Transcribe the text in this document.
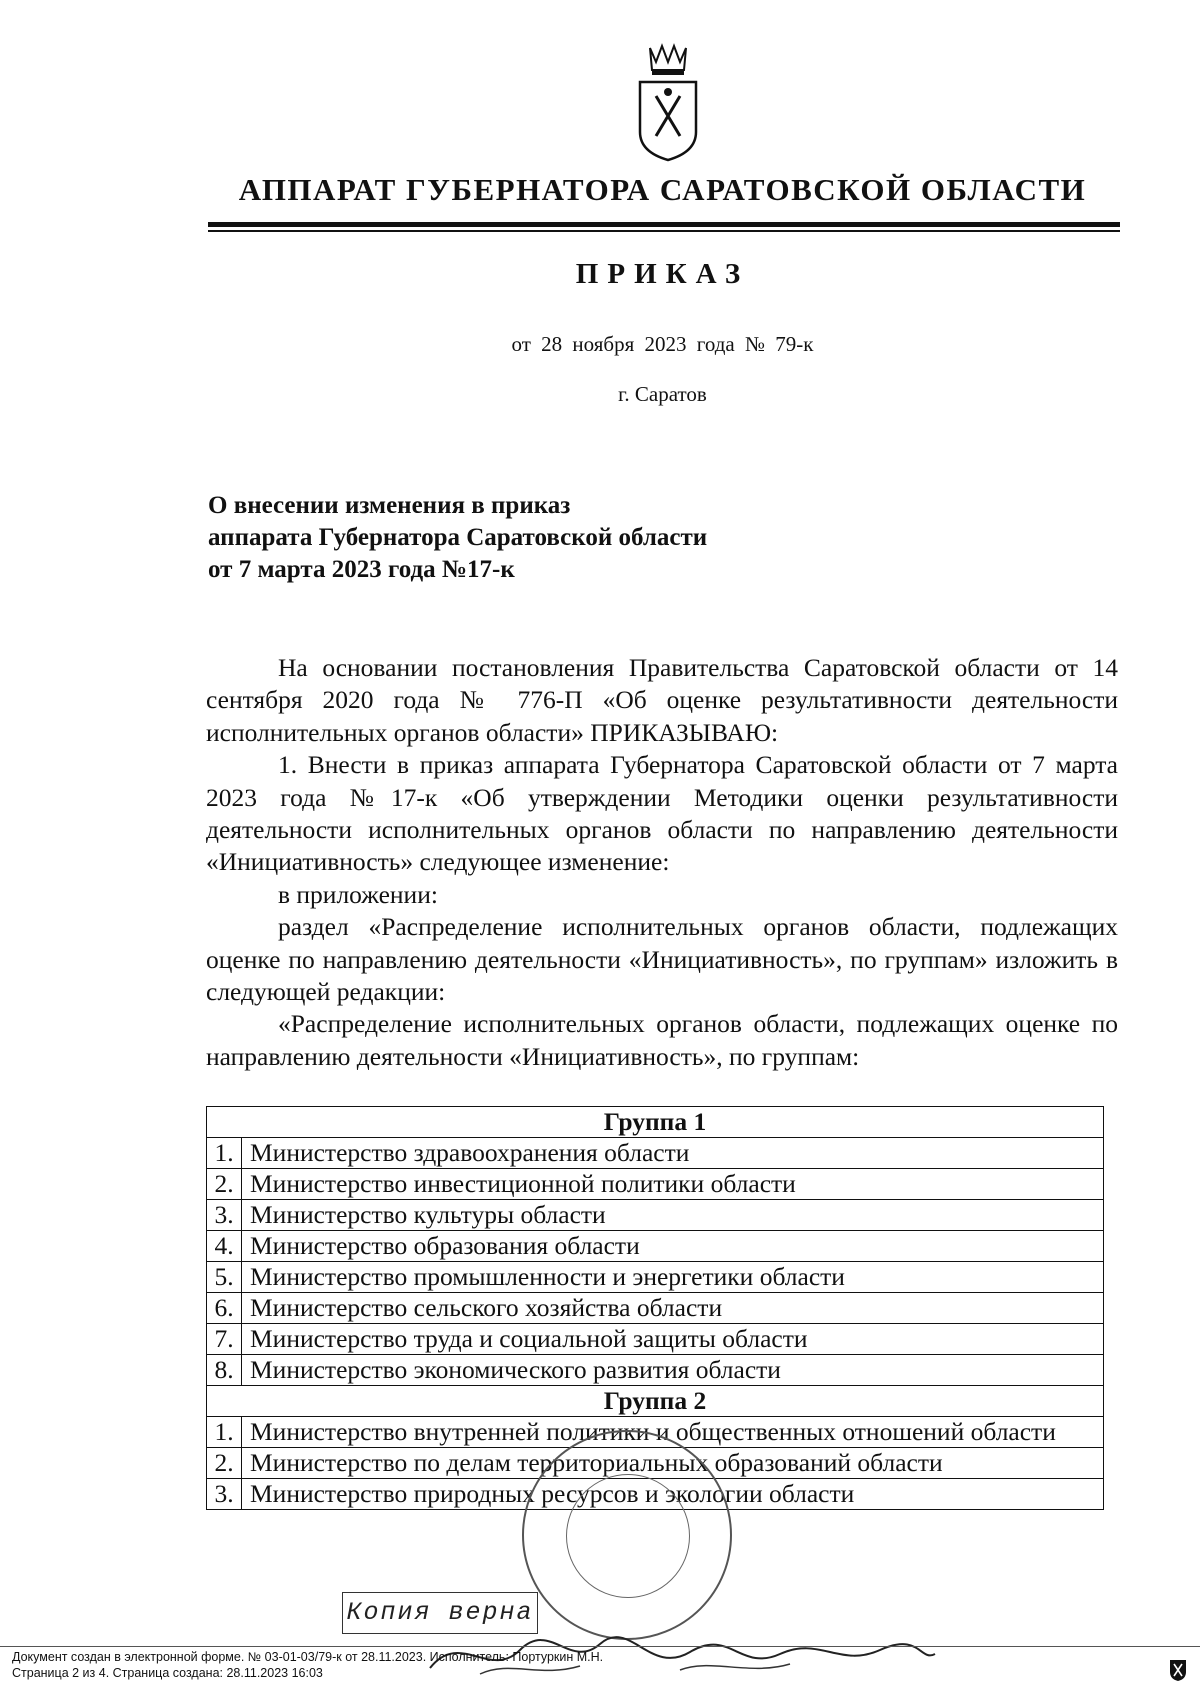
АППАРАТ ГУБЕРНАТОРА САРАТОВСКОЙ ОБЛАСТИ
ПРИКАЗ
от 28 ноября 2023 года № 79-к
г. Саратов
О внесении изменения в приказ
аппарата Губернатора Саратовской области
от 7 марта 2023 года №17-к

На основании постановления Правительства Саратовской области от 14 сентября 2020 года № 776-П «Об оценке результативности деятельности исполнительных органов области» ПРИКАЗЫВАЮ:

1. Внести в приказ аппарата Губернатора Саратовской области от 7 марта 2023 года №17-к «Об утверждении Методики оценки результативности деятельности исполнительных органов области по направлению деятельности «Инициативность» следующее изменение:

в приложении:

раздел «Распределение исполнительных органов области, подлежащих оценке по направлению деятельности «Инициативность», по группам» изложить в следующей редакции:

«Распределение исполнительных органов области, подлежащих оценке по направлению деятельности «Инициативность», по группам:

Группа 1	
1.	Министерство здравоохранения области
2.	Министерство инвестиционной политики области
3.	Министерство культуры области
4.	Министерство образования области
5.	Министерство промышленности и энергетики области
6.	Министерство сельского хозяйства области
7.	Министерство труда и социальной защиты области
8.	Министерство экономического развития области
Группа 2	
1.	Министерство внутренней политики и общественных отношений области
2.	Министерство по делам территориальных образований области
3.	Министерство природных ресурсов и экологии области
Копия верна
Документ создан в электронной форме. № 03-01-03/79-к от 28.11.2023. Исполнитель: Портуркин М.Н.
Страница 2 из 4. Страница создана: 28.11.2023 16:03
